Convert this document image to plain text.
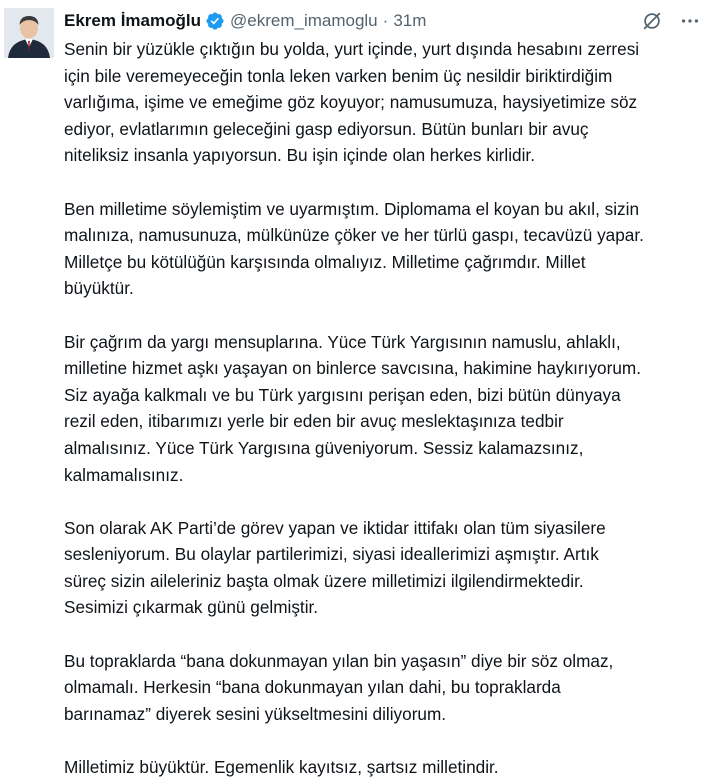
Ekrem İmamoğlu @ekrem_imamoglu · 31m
Senin bir yüzükle çıktığın bu yolda, yurt içinde, yurt dışında hesabını zerresi
için bile veremeyeceğin tonla leken varken benim üç nesildir biriktirdiğim
varlığıma, işime ve emeğime göz koyuyor; namusumuza, haysiyetimize söz
ediyor, evlatlarımın geleceğini gasp ediyorsun. Bütün bunları bir avuç
niteliksiz insanla yapıyorsun. Bu işin içinde olan herkes kirlidir.
Ben milletime söylemiştim ve uyarmıştım. Diplomama el koyan bu akıl, sizin
malınıza, namusunuza, mülkünüze çöker ve her türlü gaspı, tecavüzü yapar.
Milletçe bu kötülüğün karşısında olmalıyız. Milletime çağrımdır. Millet
büyüktür.
Bir çağrım da yargı mensuplarına. Yüce Türk Yargısının namuslu, ahlaklı,
milletine hizmet aşkı yaşayan on binlerce savcısına, hakimine haykırıyorum.
Siz ayağa kalkmalı ve bu Türk yargısını perişan eden, bizi bütün dünyaya
rezil eden, itibarımızı yerle bir eden bir avuç meslektaşınıza tedbir
almalısınız. Yüce Türk Yargısına güveniyorum. Sessiz kalamazsınız,
kalmamalısınız.
Son olarak AK Parti’de görev yapan ve iktidar ittifakı olan tüm siyasilere
sesleniyorum. Bu olaylar partilerimizi, siyasi ideallerimizi aşmıştır. Artık
süreç sizin aileleriniz başta olmak üzere milletimizi ilgilendirmektedir.
Sesimizi çıkarmak günü gelmiştir.
Bu topraklarda “bana dokunmayan yılan bin yaşasın” diye bir söz olmaz,
olmamalı. Herkesin “bana dokunmayan yılan dahi, bu topraklarda
barınamaz” diyerek sesini yükseltmesini diliyorum.
Milletimiz büyüktür. Egemenlik kayıtsız, şartsız milletindir.
